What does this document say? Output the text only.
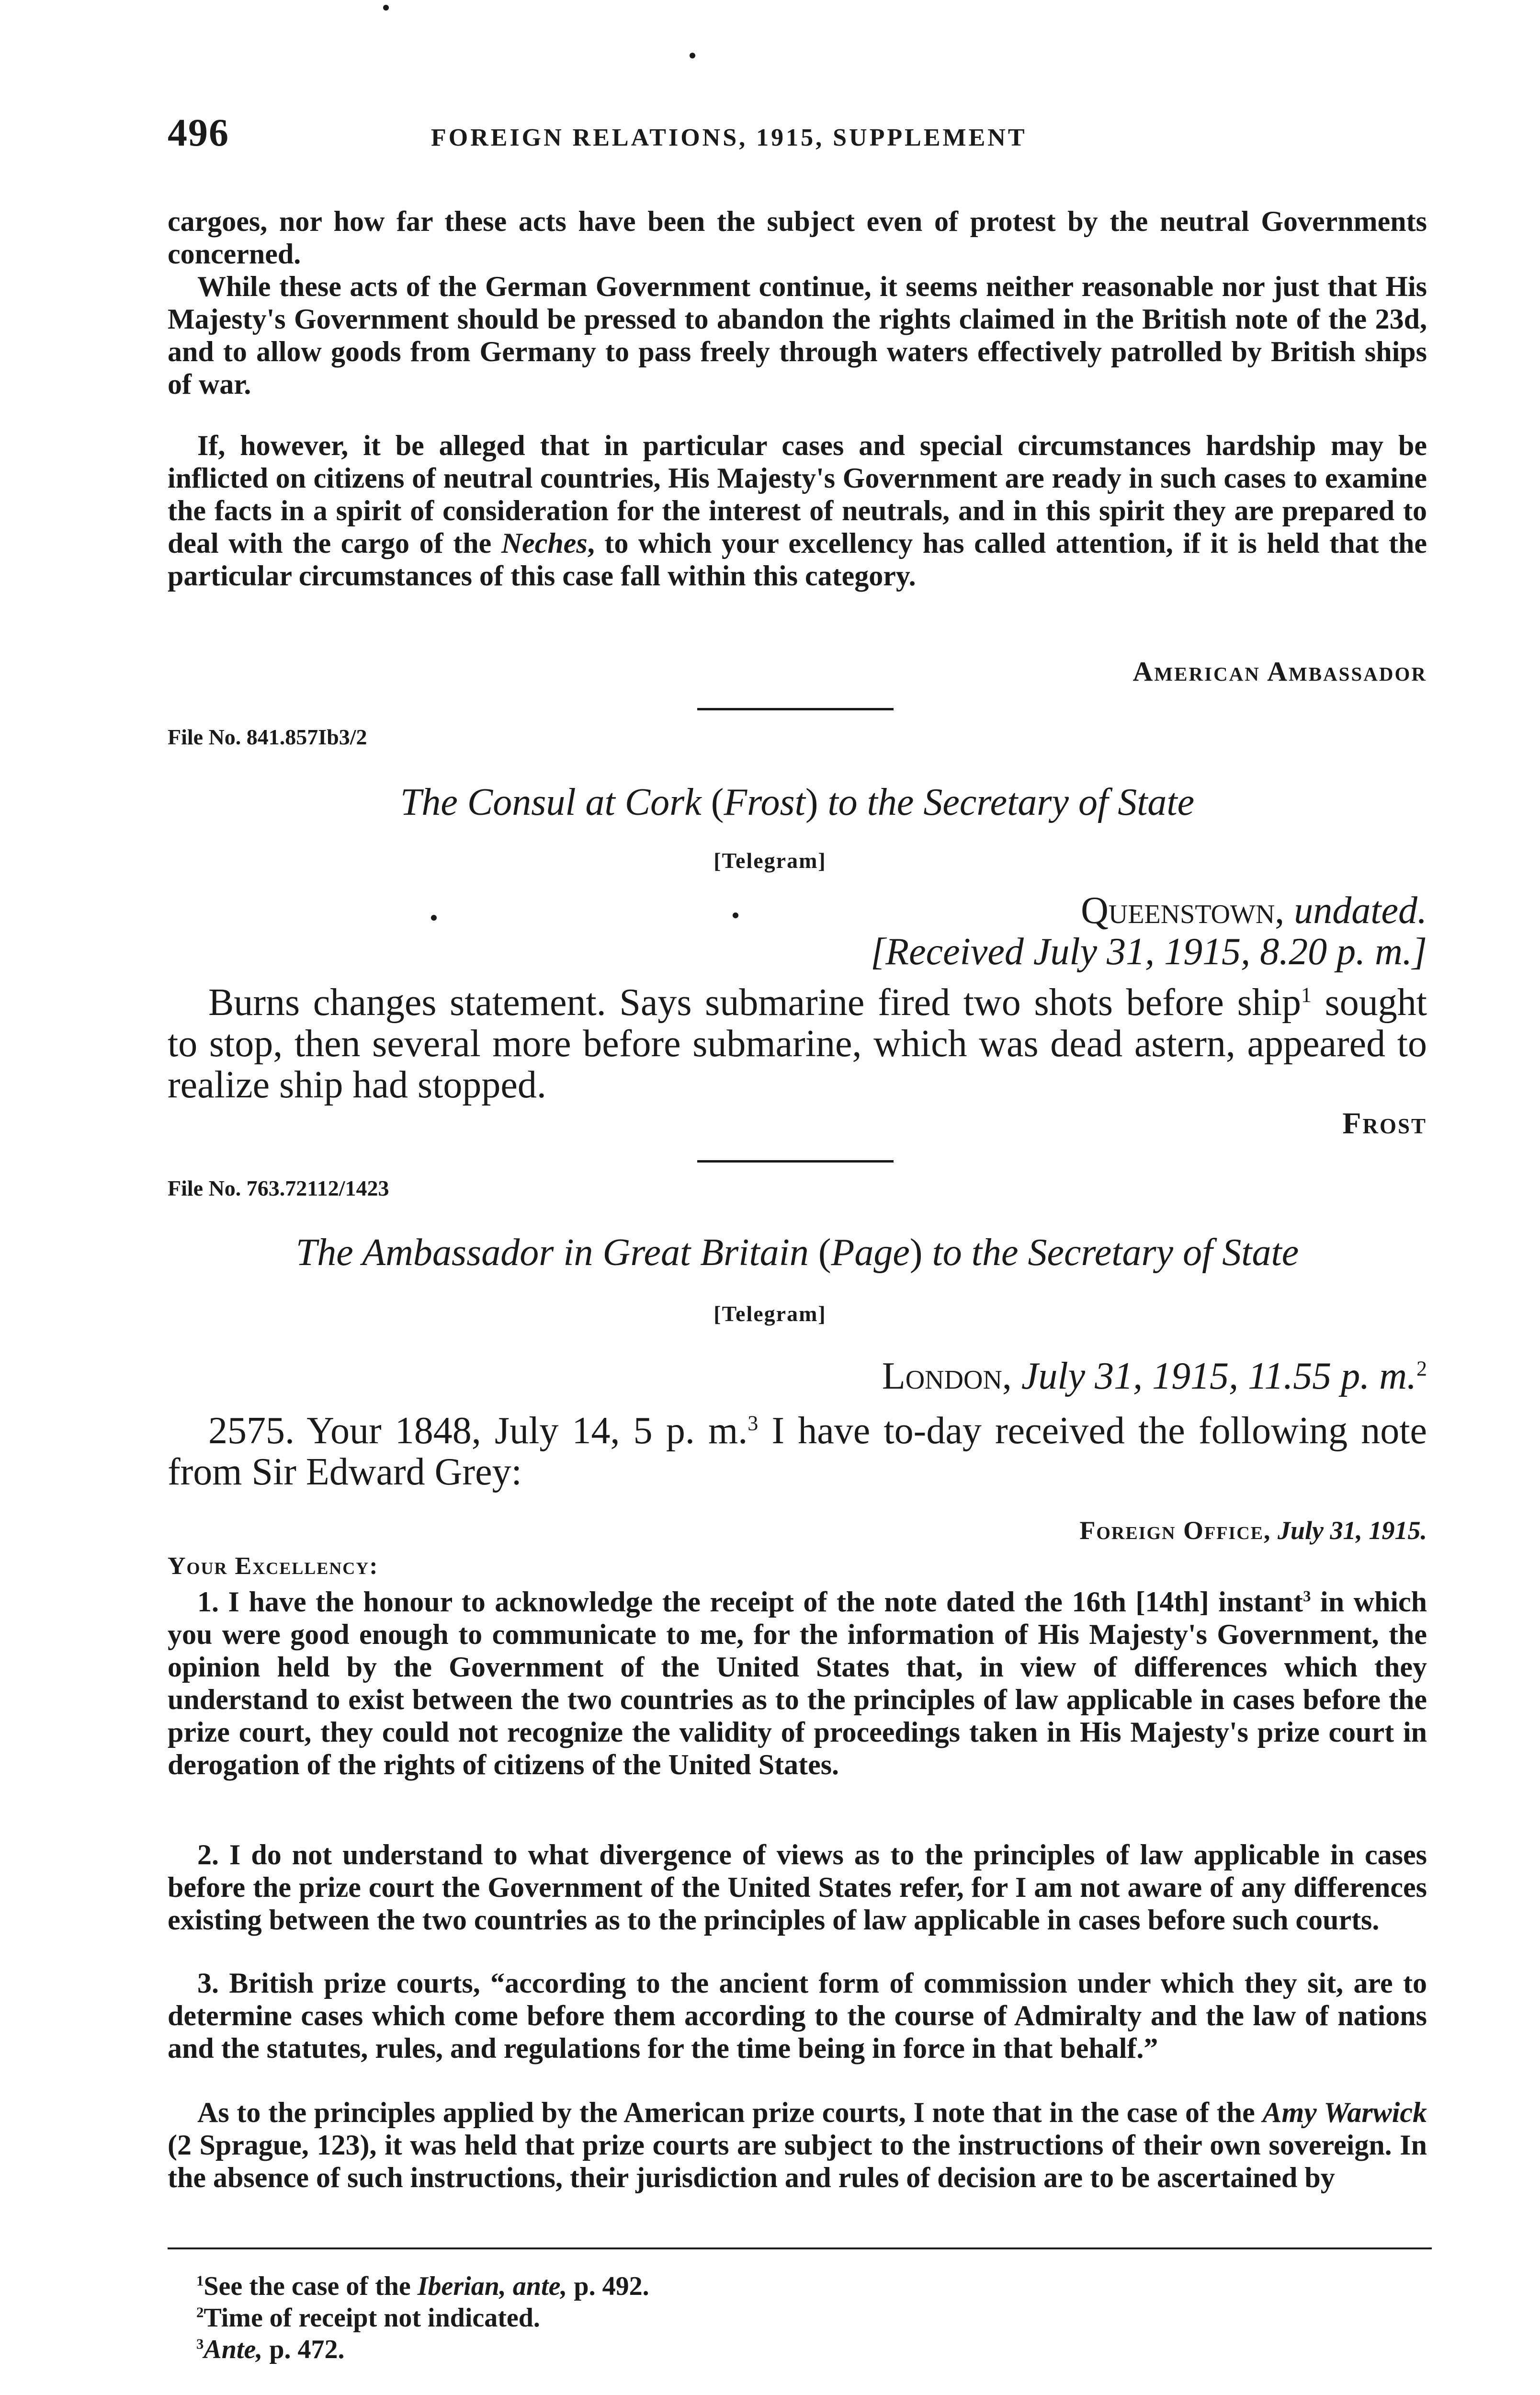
496	FOREIGN RELATIONS, 1915, SUPPLEMENT

cargoes, nor how far these acts have been the subject even of protest by the neutral Governments concerned.

While these acts of the German Government continue, it seems neither reasonable nor just that His Majesty's Government should be pressed to abandon the rights claimed in the British note of the 23d, and to allow goods from Germany to pass freely through waters effectively patrolled by British ships of war.

If, however, it be alleged that in particular cases and special circumstances hardship may be inflicted on citizens of neutral countries, His Majesty's Government are ready in such cases to examine the facts in a spirit of consideration for the interest of neutrals, and in this spirit they are prepared to deal with the cargo of the Neches, to which your excellency has called attention, if it is held that the particular circumstances of this case fall within this category.

American Ambassador
File No. 841.857Ib3/2
The Consul at Cork (Frost) to the Secretary of State
[Telegram]
Queenstown, undated.
[Received July 31, 1915, 8.20 p. m.]

Burns changes statement. Says submarine fired two shots before ship$^1$ sought to stop, then several more before submarine, which was dead astern, appeared to realize ship had stopped.

Frost
File No. 763.72112/1423
The Ambassador in Great Britain (Page) to the Secretary of State
[Telegram]
London, July 31, 1915, 11.55 p. m.$^2$

2575. Your 1848, July 14, 5 p. m.$^3$ I have to-day received the following note from Sir Edward Grey:

Foreign Office, July 31, 1915.
Your Excellency:

1. I have the honour to acknowledge the receipt of the note dated the 16th [14th] instant$^3$ in which you were good enough to communicate to me, for the information of His Majesty's Government, the opinion held by the Government of the United States that, in view of differences which they understand to exist between the two countries as to the principles of law applicable in cases before the prize court, they could not recognize the validity of proceedings taken in His Majesty's prize court in derogation of the rights of citizens of the United States.

2. I do not understand to what divergence of views as to the principles of law applicable in cases before the prize court the Government of the United States refer, for I am not aware of any differences existing between the two countries as to the principles of law applicable in cases before such courts.

3. British prize courts, “according to the ancient form of commission under which they sit, are to determine cases which come before them according to the course of Admiralty and the law of nations and the statutes, rules, and regulations for the time being in force in that behalf.”

As to the principles applied by the American prize courts, I note that in the case of the Amy Warwick (2 Sprague, 123), it was held that prize courts are subject to the instructions of their own sovereign. In the absence of such instructions, their jurisdiction and rules of decision are to be ascertained by

$^1$See the case of the Iberian, ante, p. 492.
$^2$Time of receipt not indicated.
$^3$Ante, p. 472.
